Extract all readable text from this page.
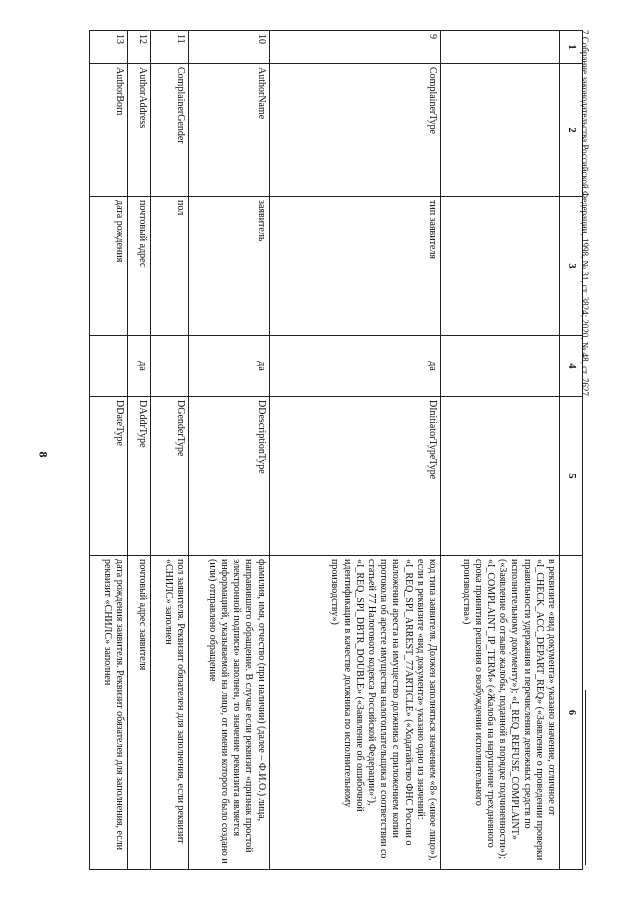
8
1	2	3	4	5	6
					в реквизите «вид документа» указано значение, отличное от «I_CHECK_ACC_DEPART_REQ» («Заявление о проведении проверки правильности удержания и перечисления денежных средств по исполнительному документу»); «I_REQ_REFUSE_COMPLAINT» («Заявление об отзыве жалобы, поданной в порядке подчиненности»); «I_COMPLAINT_IP_TERM» («Жалоба на нарушение трехдневного срока принятия решения о возбуждении исполнительного производства»)
9	ComplainerType	тип заявителя	да	DInitiatorTypeType	код типа заявителя. Должен заполняться значением «8» («иное лицо»), если в реквизите «вид документа» указано одно из значений: «I_REQ_SPI_ARREST_77ARTICLE» («Ходатайство ФНС России о наложении ареста на имущество должника с приложением копии протокола об аресте имущества налогоплательщика в соответствии со статьей 77 Налогового кодекса Российской Федерации»⁷), «I_REQ_SPI_DBTR_DOUBLE» («Заявление об ошибочной идентификации в качестве должника по исполнительному производству»)
10	AuthorName	заявитель	да	DDescriptionType	фамилия, имя, отчество (при наличии) (далее – Ф.И.О.) лица, направившего обращение. В случае если реквизит «признак простой электронной подписи» заполнен, то значение реквизита является информацией, указываемой на лицо, от имени которого было создано и (или) отправлено обращение
11	ComplainerGender	пол		DGenderType	пол заявителя. Реквизит обязателен для заполнения, если реквизит «СНИЛС» заполнен
12	AuthorAddress	почтовый адрес	да	DAddrType	почтовый адрес заявителя
13	AuthorBorn	дата рождения		DDateType	дата рождения заявителя. Реквизит обязателен для заполнения, если реквизит «СНИЛС» заполнен
7 Собрание законодательства Российской Федерации, 1998, № 31, ст. 3824; 2020, № 48, ст. 7627.
